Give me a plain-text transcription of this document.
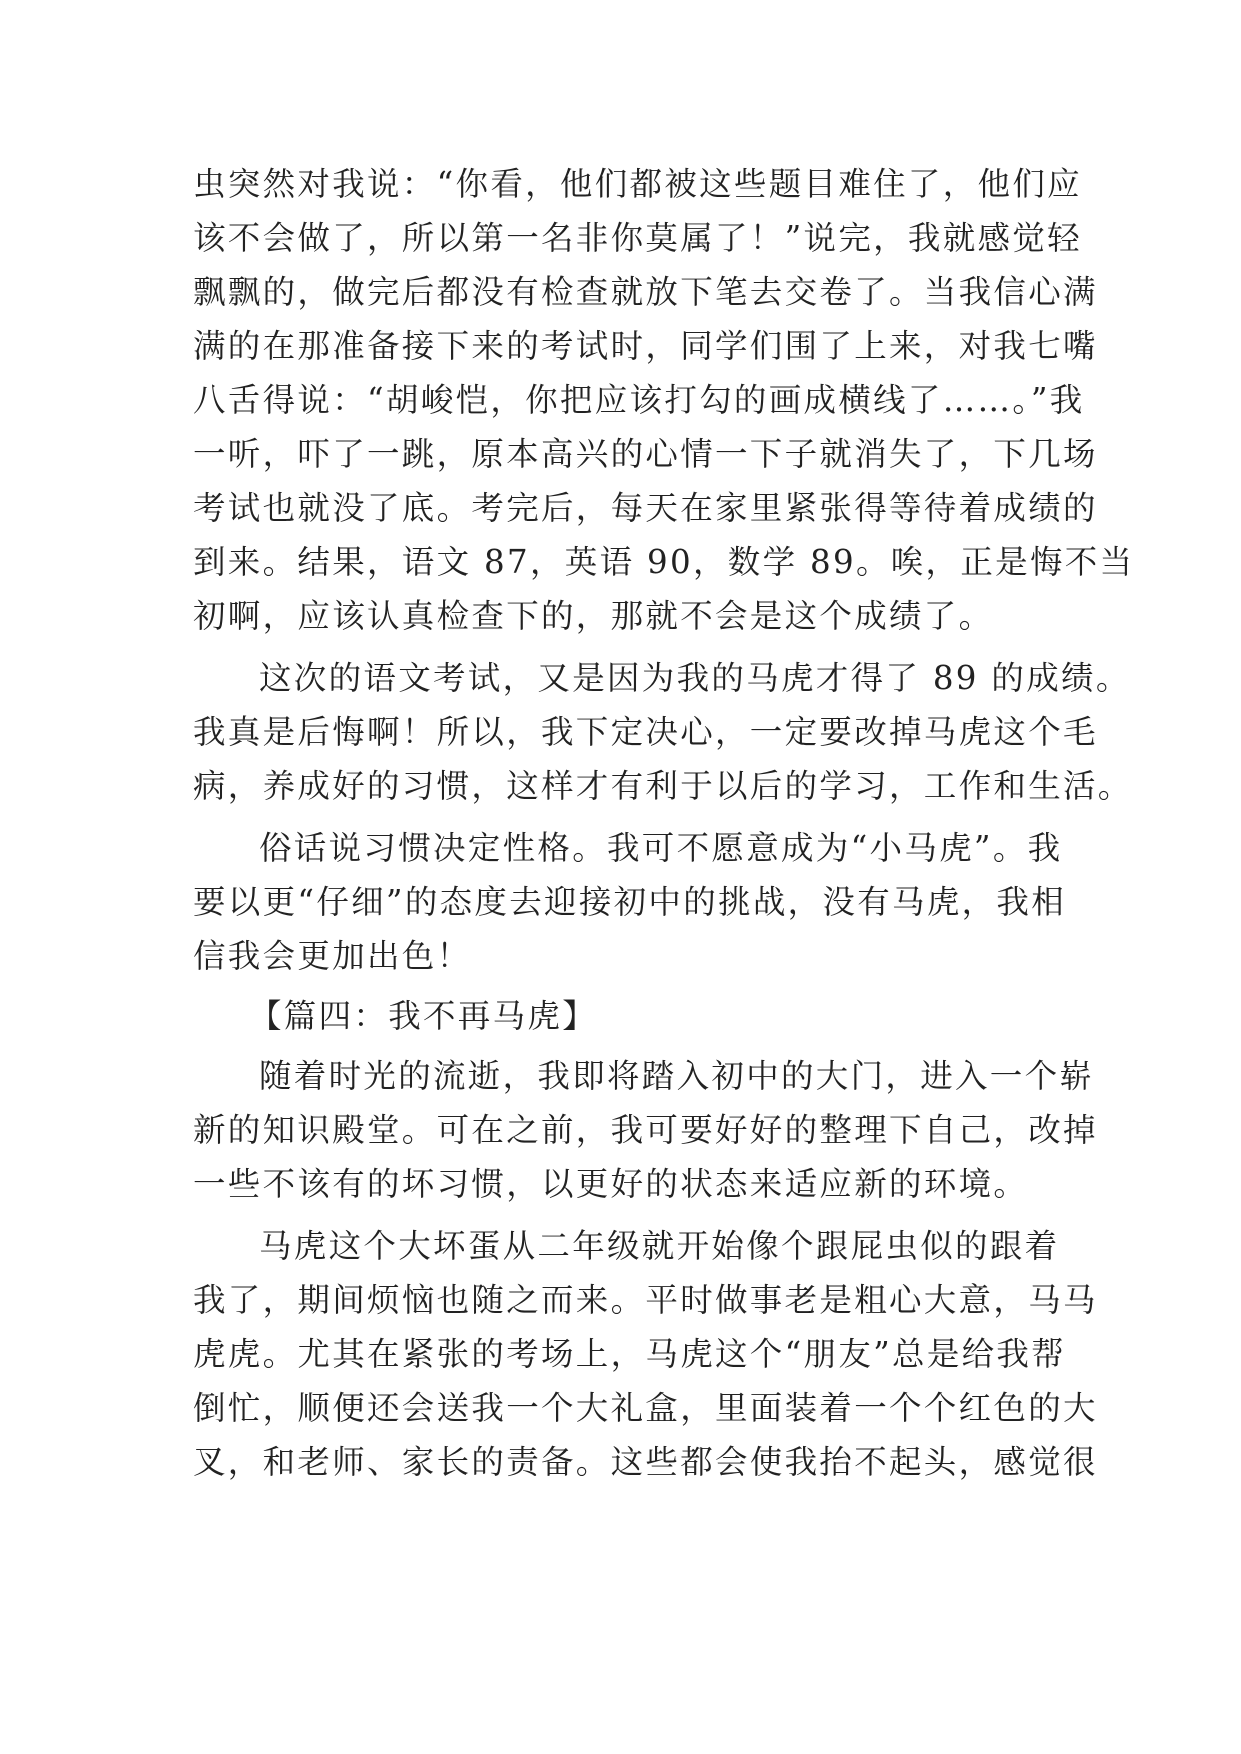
虫突然对我说：“你看，他们都被这些题目难住了，他们应
该不会做了，所以第一名非你莫属了！”说完，我就感觉轻
飘飘的，做完后都没有检查就放下笔去交卷了。当我信心满
满的在那准备接下来的考试时，同学们围了上来，对我七嘴
八舌得说：“胡峻恺，你把应该打勾的画成横线了……。”我
一听，吓了一跳，原本高兴的心情一下子就消失了，下几场
考试也就没了底。考完后，每天在家里紧张得等待着成绩的
到来。结果，语文 87，英语 90，数学 89。唉，正是悔不当
初啊，应该认真检查下的，那就不会是这个成绩了。
这次的语文考试，又是因为我的马虎才得了 89 的成绩。
我真是后悔啊！所以，我下定决心，一定要改掉马虎这个毛
病，养成好的习惯，这样才有利于以后的学习，工作和生活。
俗话说习惯决定性格。我可不愿意成为“小马虎”。我
要以更“仔细”的态度去迎接初中的挑战，没有马虎，我相
信我会更加出色！
【篇四：我不再马虎】
随着时光的流逝，我即将踏入初中的大门，进入一个崭
新的知识殿堂。可在之前，我可要好好的整理下自己，改掉
一些不该有的坏习惯，以更好的状态来适应新的环境。
马虎这个大坏蛋从二年级就开始像个跟屁虫似的跟着
我了，期间烦恼也随之而来。平时做事老是粗心大意，马马
虎虎。尤其在紧张的考场上，马虎这个“朋友”总是给我帮
倒忙，顺便还会送我一个大礼盒，里面装着一个个红色的大
叉，和老师、家长的责备。这些都会使我抬不起头，感觉很
